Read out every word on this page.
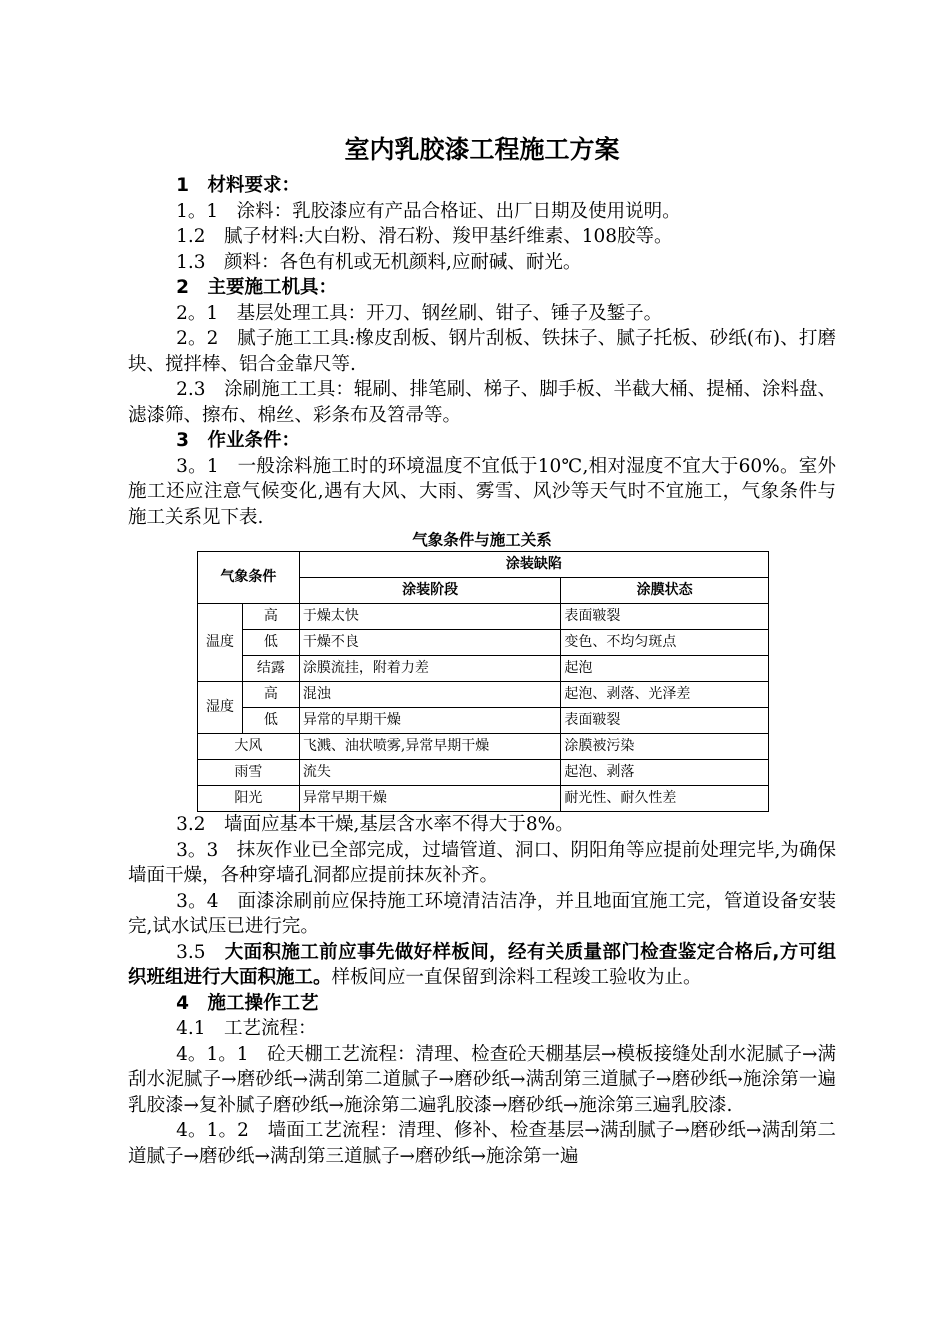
室内乳胶漆工程施工方案

1　材料要求：

1。1　涂料：乳胶漆应有产品合格证、出厂日期及使用说明。

1.2　腻子材料:大白粉、滑石粉、羧甲基纤维素、108胶等。

1.3　颜料：各色有机或无机颜料,应耐碱、耐光。

2　主要施工机具：

2。1　基层处理工具：开刀、钢丝刷、钳子、锤子及錾子。

2。2　腻子施工工具:橡皮刮板、钢片刮板、铁抹子、腻子托板、砂纸(布)、打磨块、搅拌棒、铝合金靠尺等.

2.3　涂刷施工工具：辊刷、排笔刷、梯子、脚手板、半截大桶、提桶、涂料盘、滤漆筛、擦布、棉丝、彩条布及笤帚等。

3　作业条件：

3。1　一般涂料施工时的环境温度不宜低于10℃,相对湿度不宜大于60%。室外施工还应注意气候变化,遇有大风、大雨、雾雪、风沙等天气时不宜施工，气象条件与施工关系见下表.

气象条件与施工关系
气象条件		涂装缺陷	
		涂装阶段	涂膜状态
温度	高	于燥太快	表面皲裂
	低	干燥不良	变色、不均匀斑点
	结露	涂膜流挂，附着力差	起泡
湿度	高	混浊	起泡、剥落、光泽差
	低	异常的早期干燥	表面皲裂
大风		飞溅、油状喷雾,异常早期干燥	涂膜被污染
雨雪		流失	起泡、剥落
阳光		异常早期干燥	耐光性、耐久性差

3.2　墙面应基本干燥,基层含水率不得大于8%。

3。3　抹灰作业已全部完成，过墙管道、洞口、阴阳角等应提前处理完毕,为确保墙面干燥，各种穿墙孔洞都应提前抹灰补齐。

3。4　面漆涂刷前应保持施工环境清洁洁净，并且地面宜施工完，管道设备安装完,试水试压已进行完。

3.5　大面积施工前应事先做好样板间，经有关质量部门检查鉴定合格后,方可组织班组进行大面积施工。样板间应一直保留到涂料工程竣工验收为止。

4　施工操作工艺

4.1　工艺流程：

4。1。1　砼天棚工艺流程：清理、检查砼天棚基层→模板接缝处刮水泥腻子→满刮水泥腻子→磨砂纸→满刮第二道腻子→磨砂纸→满刮第三道腻子→磨砂纸→施涂第一遍乳胶漆→复补腻子磨砂纸→施涂第二遍乳胶漆→磨砂纸→施涂第三遍乳胶漆.

4。1。2　墙面工艺流程：清理、修补、检查基层→满刮腻子→磨砂纸→满刮第二道腻子→磨砂纸→满刮第三道腻子→磨砂纸→施涂第一遍
